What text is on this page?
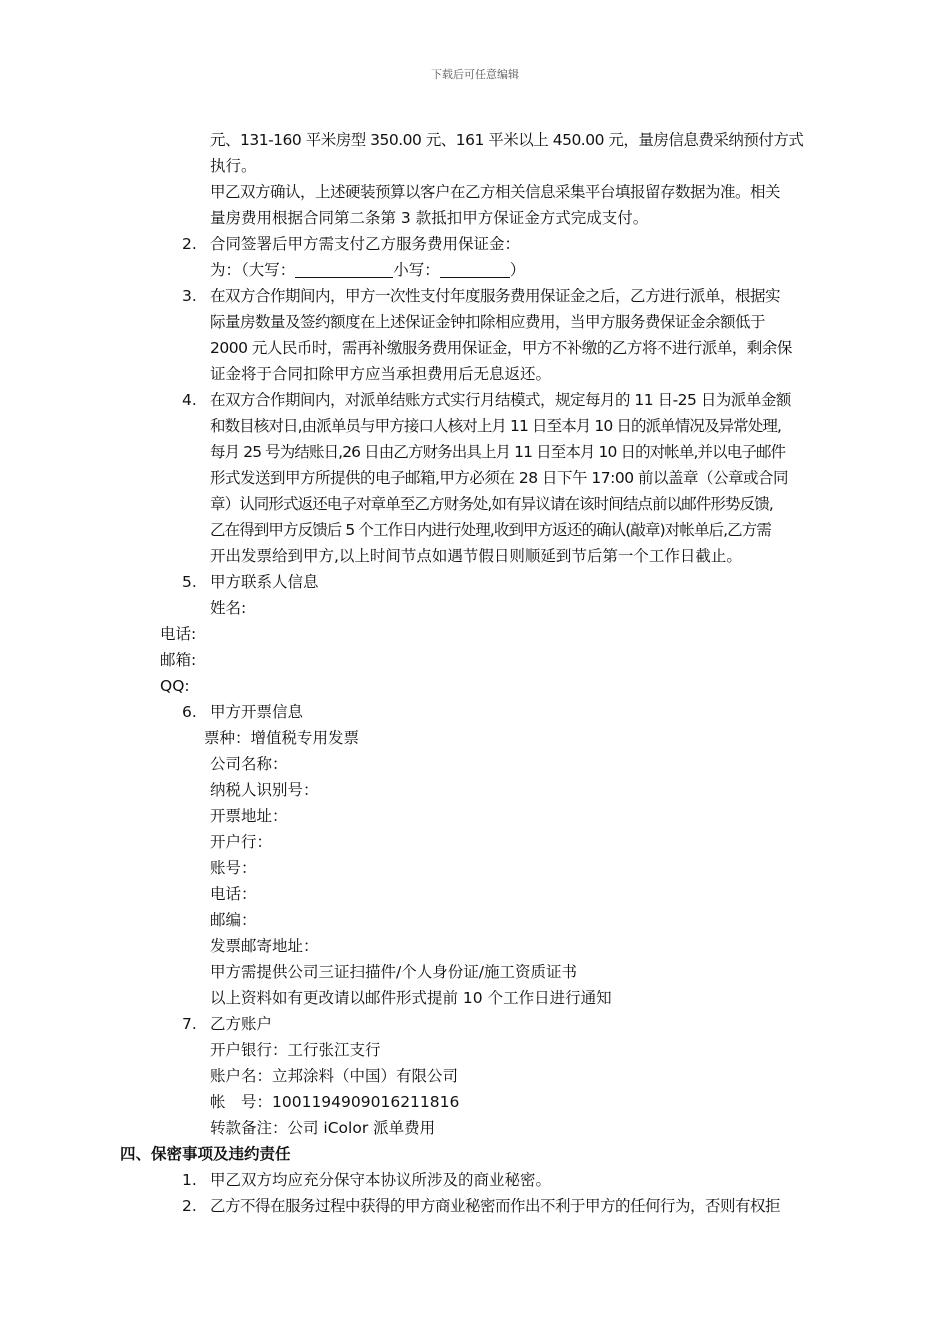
下载后可任意编辑
元、131-160 平米房型 350.00 元、161 平米以上 450.00 元，量房信息费采纳预付方式
执行。
甲乙双方确认，上述硬装预算以客户在乙方相关信息采集平台填报留存数据为准。相关
量房费用根据合同第二条第 3 款抵扣甲方保证金方式完成支付。
2. 合同签署后甲方需支付乙方服务费用保证金：
为：（大写：	小写：	）
3. 在双方合作期间内，甲方一次性支付年度服务费用保证金之后，乙方进行派单，根据实
际量房数量及签约额度在上述保证金钟扣除相应费用，当甲方服务费保证金余额低于
2000 元人民币时，需再补缴服务费用保证金，甲方不补缴的乙方将不进行派单，剩余保
证金将于合同扣除甲方应当承担费用后无息返还。
4. 在双方合作期间内，对派单结账方式实行月结模式，规定每月的 11 日-25 日为派单金额
和数目核对日,由派单员与甲方接口人核对上月 11 日至本月 10 日的派单情况及异常处理,
每月 25 号为结账日,26 日由乙方财务出具上月 11 日至本月 10 日的对帐单,并以电子邮件
形式发送到甲方所提供的电子邮箱,甲方必须在 28 日下午 17:00 前以盖章（公章或合同
章）认同形式返还电子对章单至乙方财务处,如有异议请在该时间结点前以邮件形势反馈,
乙在得到甲方反馈后 5 个工作日内进行处理,收到甲方返还的确认(敲章)对帐单后,乙方需
开出发票给到甲方,以上时间节点如遇节假日则顺延到节后第一个工作日截止。
5. 甲方联系人信息
姓名:
电话:
邮箱:
QQ:
6. 甲方开票信息
票种：增值税专用发票
公司名称：
纳税人识别号：
开票地址：
开户行：
账号：
电话：
邮编：
发票邮寄地址：
甲方需提供公司三证扫描件/个人身份证/施工资质证书
以上资料如有更改请以邮件形式提前 10 个工作日进行通知
7. 乙方账户
开户银行：工行张江支行
账户名：立邦涂料（中国）有限公司
帐　号：1001194909016211816
转款备注：公司 iColor 派单费用
四、保密事项及违约责任
1. 甲乙双方均应充分保守本协议所涉及的商业秘密。
2. 乙方不得在服务过程中获得的甲方商业秘密而作出不利于甲方的任何行为，否则有权拒
